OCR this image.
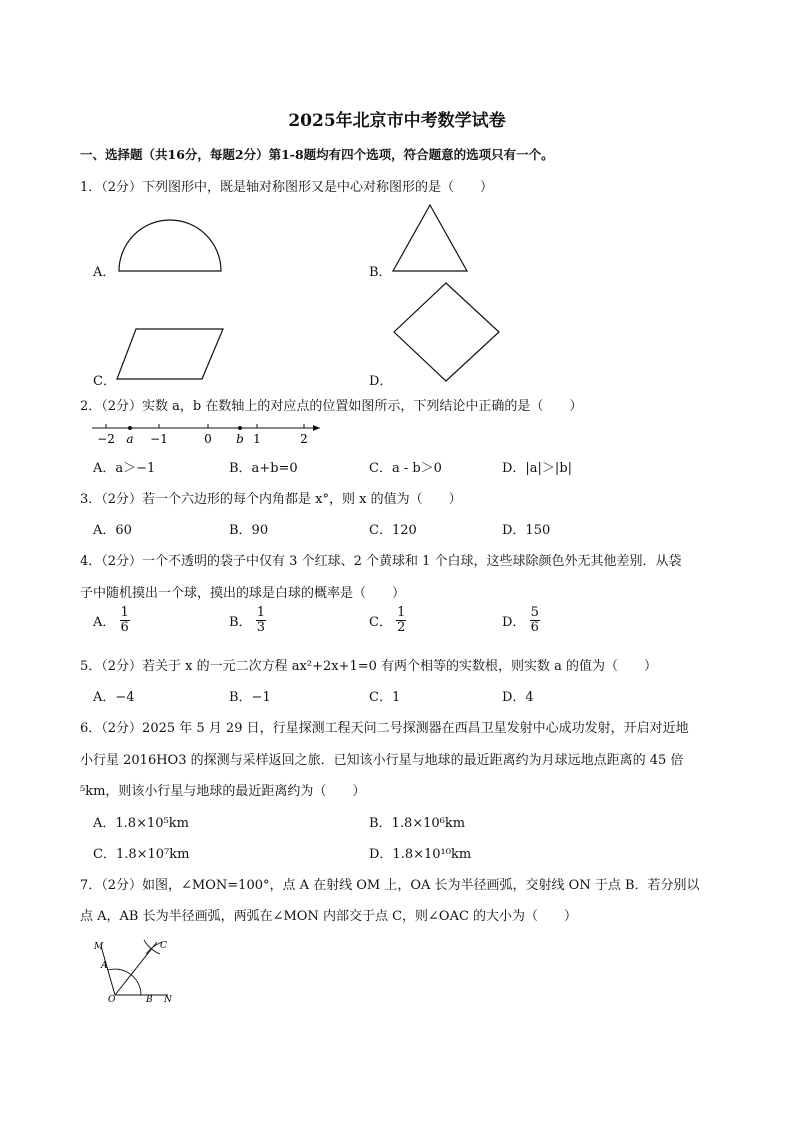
2025年北京市中考数学试卷
一、选择题（共16分，每题2分）第1-8题均有四个选项，符合题意的选项只有一个。
1．（2分）下列图形中，既是轴对称图形又是中心对称图形的是（　　）
A．	B．
C．	D．
2．（2分）实数 a，b 在数轴上的对应点的位置如图所示，下列结论中正确的是（　　）
−2 a −1	0 b 1	2
A．a＞−1	B．a+b=0	C．a - b＞0	D．|a|＞|b|
3．（2分）若一个六边形的每个内角都是 x°，则 x 的值为（　　）
A．60	B．90	C．120	D．150
4．（2分）一个不透明的袋子中仅有 3 个红球、2 个黄球和 1 个白球，这些球除颜色外无其他差别．从袋
子中随机摸出一个球，摸出的球是白球的概率是（　　）
A． $\frac{1}{6}$	B． $\frac{1}{3}$	C． $\frac{1}{2}$	D． $\frac{5}{6}$
5．（2分）若关于 x 的一元二次方程 ax²+2x+1=0 有两个相等的实数根，则实数 a 的值为（　　）
A．−4	B．−1	C．1	D．4
6．（2分）2025 年 5 月 29 日，行星探测工程天问二号探测器在西昌卫星发射中心成功发射，开启对近地
小行星 2016HO3 的探测与采样返回之旅．已知该小行星与地球的最近距离约为月球远地点距离的 45 倍
⁵km，则该小行星与地球的最近距离约为（　　）
A．1.8×10⁵km	B．1.8×10⁶km
C．1.8×10⁷km	D．1.8×10¹⁰km
7．（2分）如图，∠MON=100°，点 A 在射线 OM 上，OA 长为半径画弧，交射线 ON 于点 B．若分别以
点 A，AB 长为半径画弧，两弧在∠MON 内部交于点 C，则∠OAC 的大小为（　　）
M
A
O	B N
C
